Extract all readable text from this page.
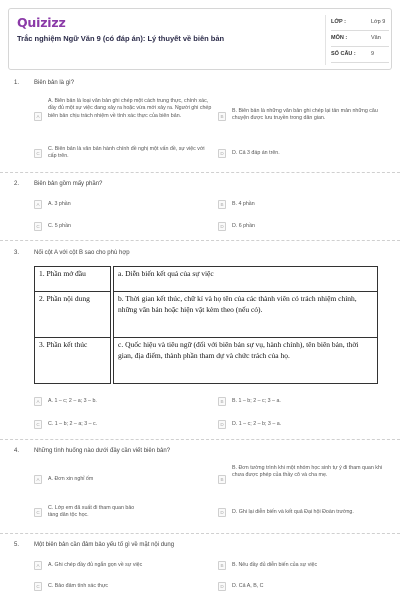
Quizizz
Trắc nghiệm Ngữ Văn 9 (có đáp án): Lý thuyết về biên bản
LỚP :	Lớp 9
MÔN :	Văn
SỐ CÂU :	9
1. Biên bản là gì?
A
A. Biên bản là loại văn bản ghi chép một cách trung thực, chính xác, đầy đủ một sự việc đang xảy ra hoặc vừa mới xảy ra. Người ghi chép biên bản chịu trách nhiệm về tính xác thực của biên bản.	B
B. Biên bản là những văn bản ghi chép lại tản mản những câu chuyện được lưu truyền trong dân gian.
C
C. Biên bản là văn bản hành chính đề nghị một vấn đề, sự việc với cấp trên.	D	D. Cả 3 đáp án trên.
2. Biên bản gồm mấy phần?
A	A. 3 phần	B	B. 4 phần
C	C. 5 phần	D	D. 6 phần
3. Nối cột A với cột B sao cho phù hợp
1. Phần mở đầu		a. Diễn biến kết quả của sự việc
2. Phần nội dung		b. Thời gian kết thúc, chữ kí và họ tên của các thành viên có trách nhiệm chính, những văn bản hoặc hiện vật kèm theo (nếu có).
3. Phần kết thúc		c. Quốc hiệu và tiêu ngữ (đối với biên bản sự vụ, hành chính), tên biên bản, thời gian, địa điểm, thành phần tham dự và chức trách của họ.
A	A. 1 – c; 2 – a; 3 – b.	B	B. 1 – b; 2 – c; 3 – a.
C	C. 1 – b; 2 – a; 3 – c.	D	D. 1 – c; 2 – b; 3 – a.
4. Những tình huống nào dưới đây cần viết biên bản?
A	A. Đơn xin nghỉ ốm	B
B. Đơn tường trình khi một nhóm học sinh tự ý đi tham quan khi chưa được phép của thầy cô và cha mẹ.
C
C. Lớp em đã xuất đi tham quan bảo tàng dân tộc học.	D	D. Ghi lại diễn biến và kết quả Đại hội Đoàn trường.
5. Một biên bản cần đảm bảo yếu tố gì về mặt nội dung
A	A. Ghi chép đầy đủ ngắn gọn về sự việc	B	B. Nêu đầy đủ diễn biến của sự việc
C	C. Bảo đảm tính xác thực	D	D. Cả A, B, C
